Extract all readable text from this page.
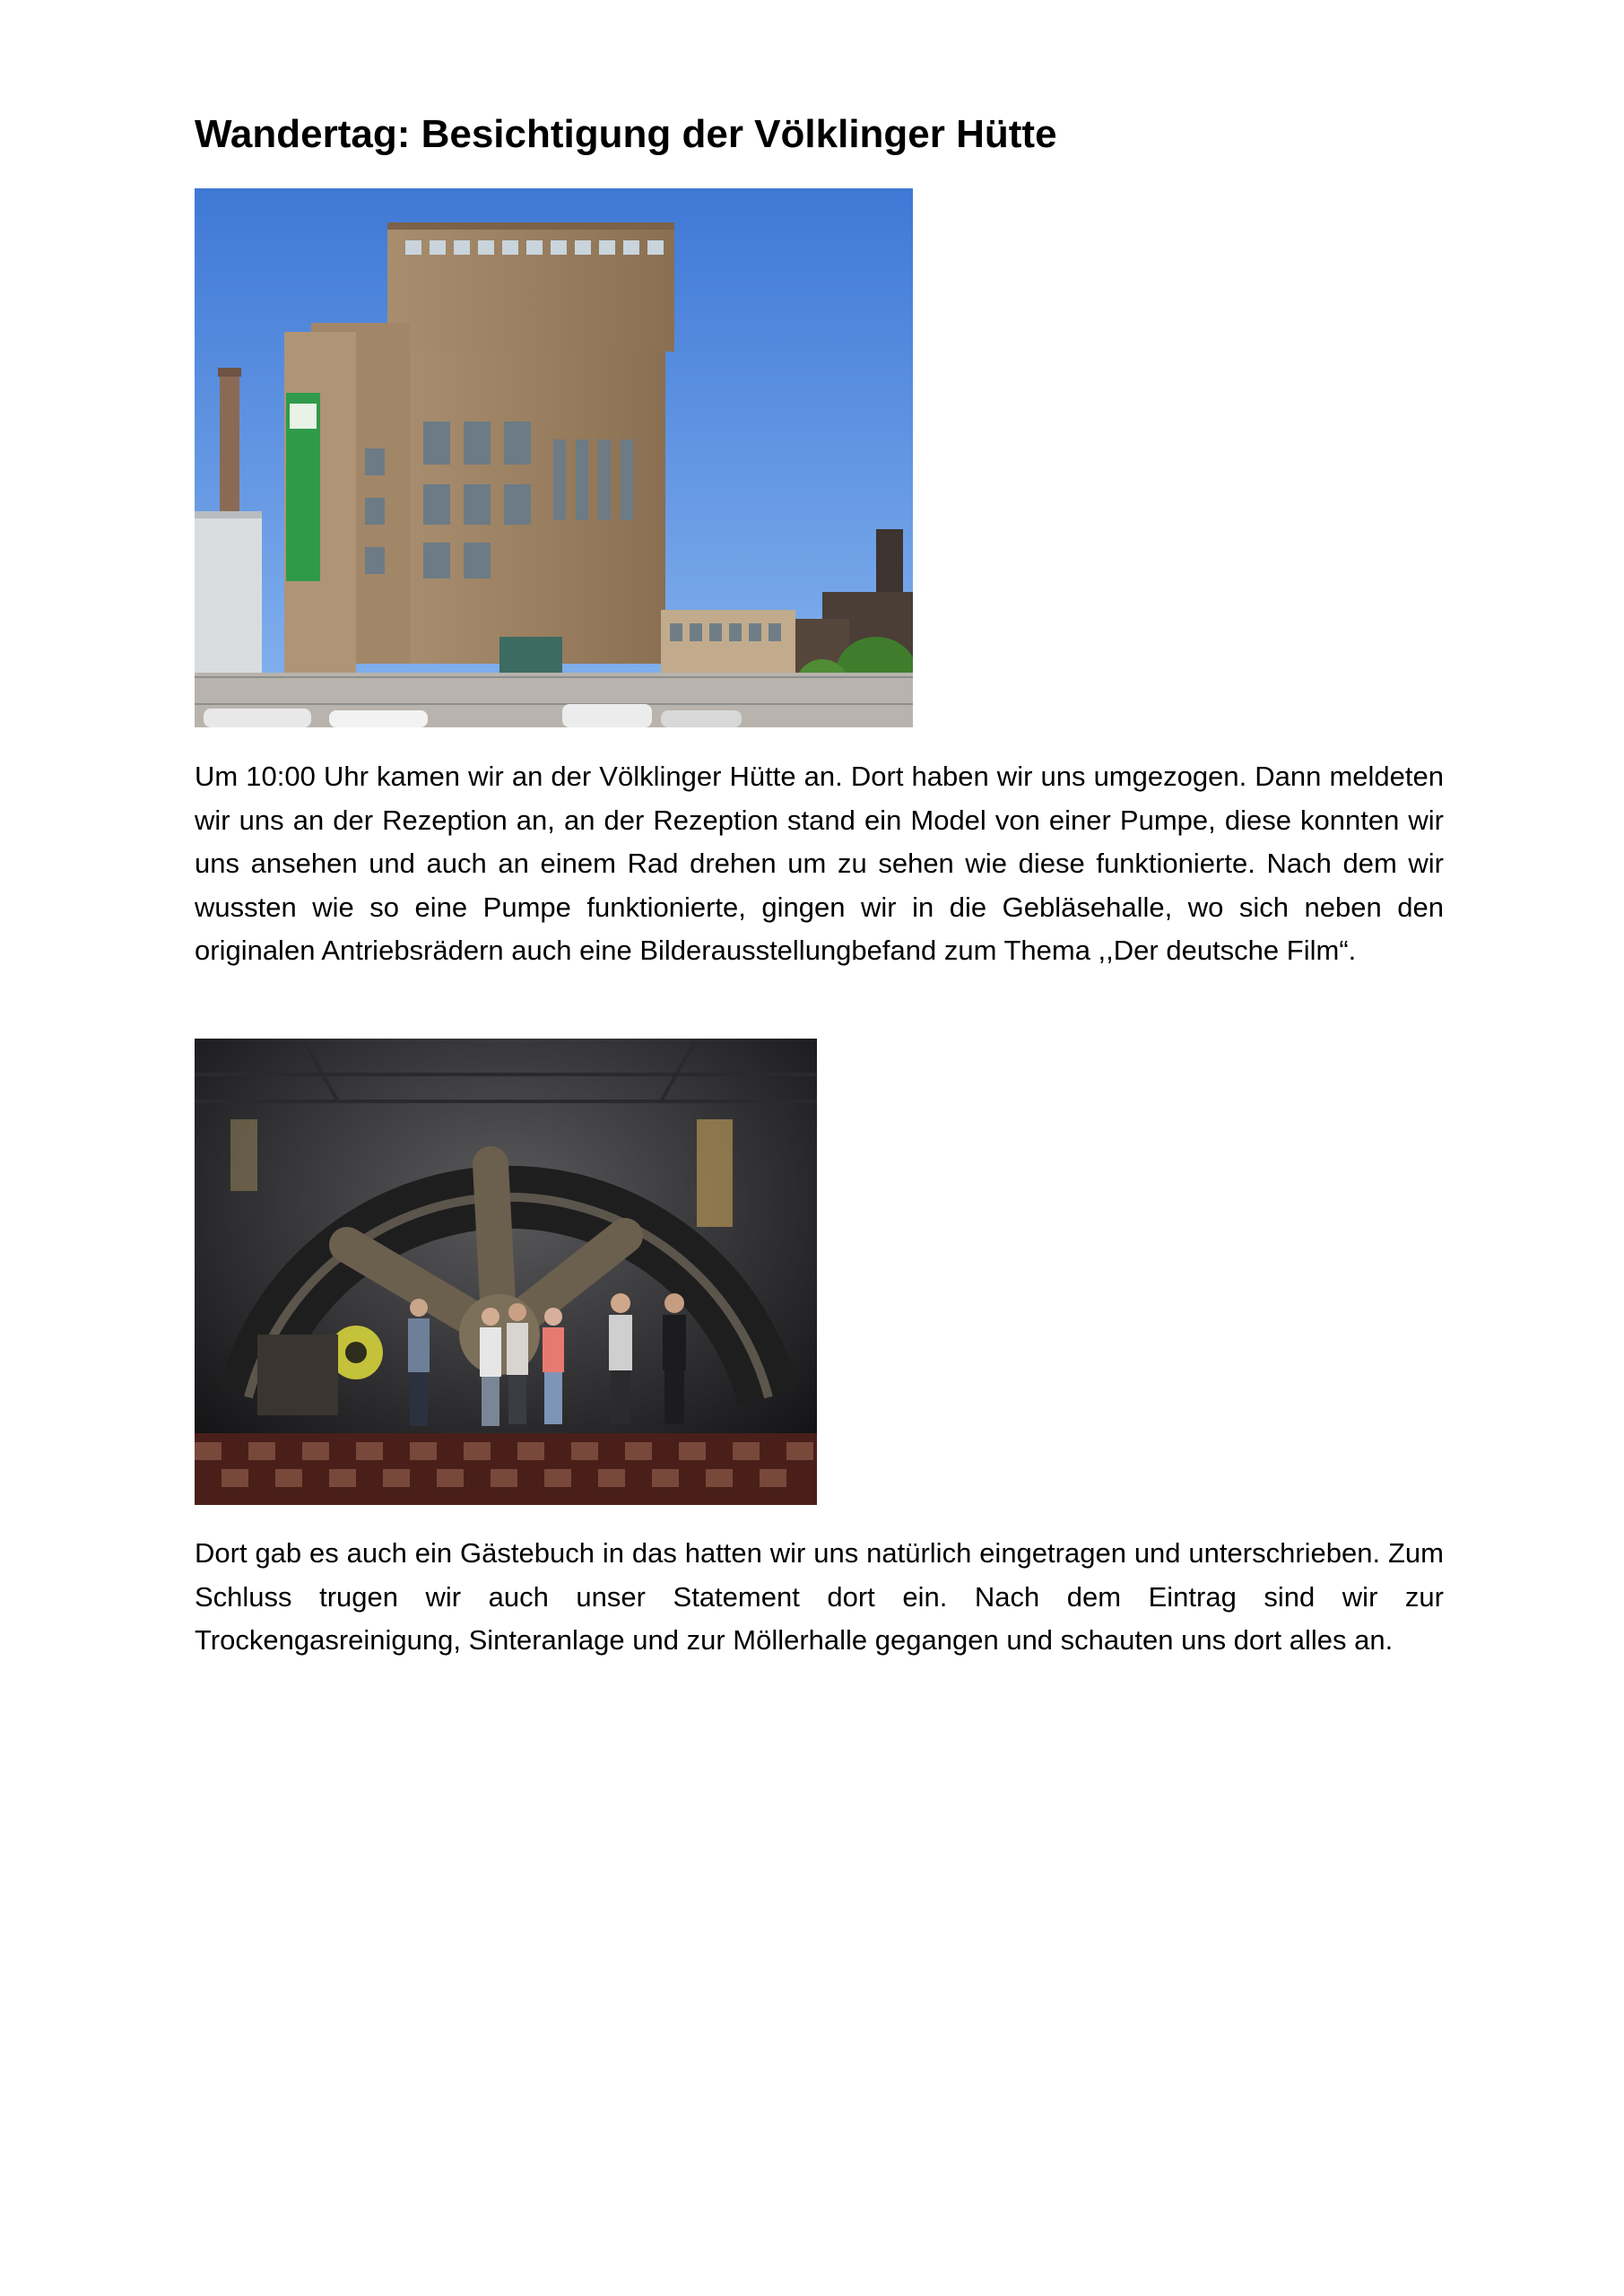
Wandertag: Besichtigung der Völklinger Hütte

Um 10:00 Uhr kamen wir an der Völklinger Hütte an. Dort haben wir uns umgezogen. Dann meldeten wir uns an der Rezeption an, an der Rezeption stand ein Model von einer Pumpe, diese konnten wir uns ansehen und auch an einem Rad drehen um zu sehen wie diese funktionierte. Nach dem wir wussten wie so eine Pumpe funktionierte, gingen wir in die Gebläsehalle, wo sich neben den originalen Antriebsrädern auch eine Bilderausstellungbefand zum Thema ,,Der deutsche Film“.

Dort gab es auch ein Gästebuch in das hatten wir uns natürlich eingetragen und unterschrieben. Zum Schluss trugen wir auch unser Statement dort ein. Nach dem Eintrag sind wir zur Trockengasreinigung, Sinteranlage und zur Möllerhalle gegangen und schauten uns dort alles an.
